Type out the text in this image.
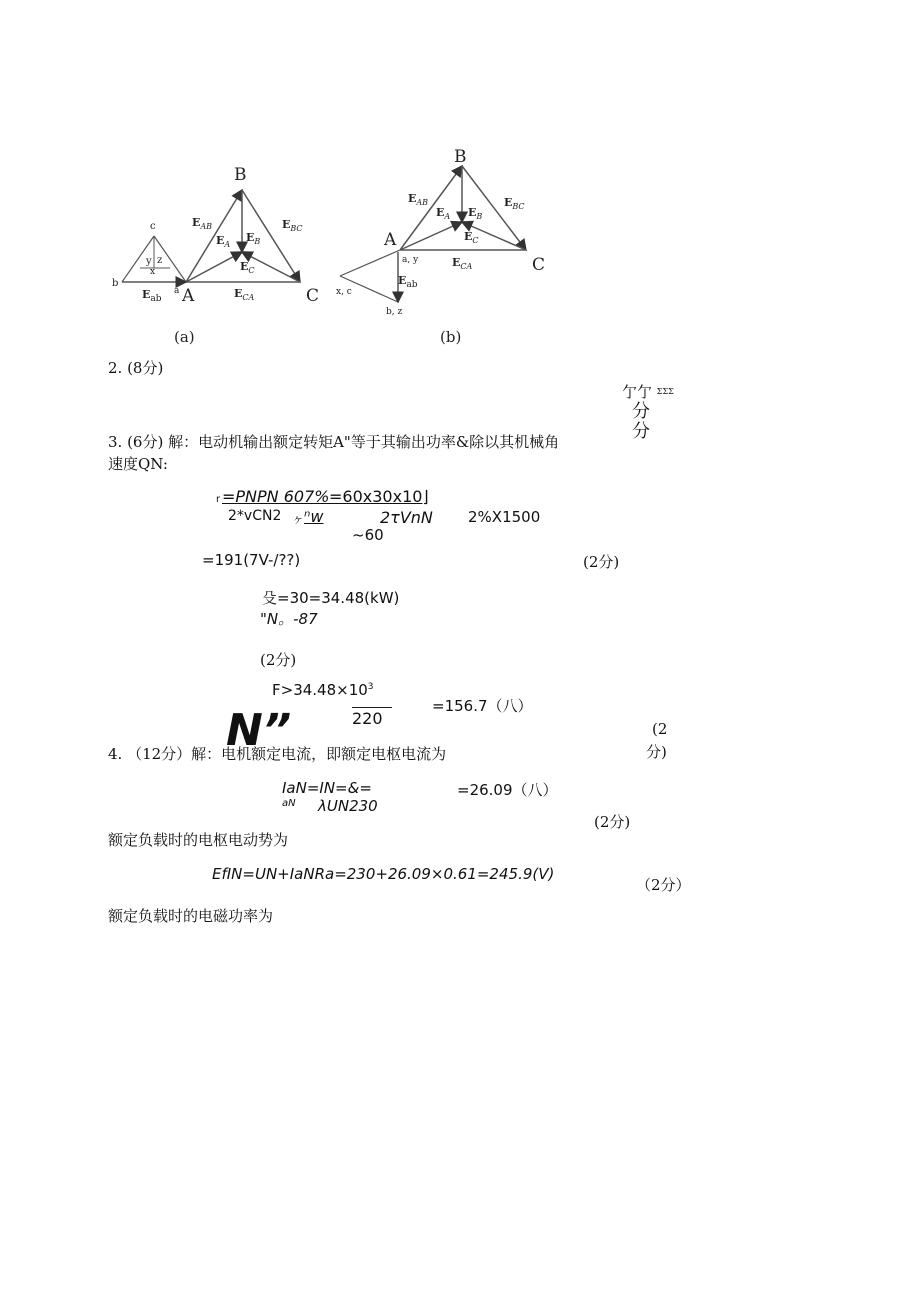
A
B
C
a
b
c
y z
x
$E_{AB}$
$E_A$
$E_B$
$E_{BC}$
$E_C$
$E_{CA}$
$E_{ab}$
(a)
A
B
C
a, y
x, c
b, z
$E_{AB}$
$E_A$ $E_B$
$E_{BC}$
$E_C$
$E_{CA}$
$E_{ab}$
(b)
2. (8分)
亇亇 $^{\Sigma\Sigma\Sigma}$
分
分
3. (6分) 解：电动机输出额定转矩A"等于其输出功率&除以其机械角
速度QN:
r =PNPN 607% =60x30x10⌋
2*vCN2 ヶ ⁿw	2τVnN 2%X1500
~60
=191(7V-/??)	(2分)
殳=30=34.48(kW)
"N。-87
(2分)
$F>34.48\times 10^3$
=156.7（八）
220
(2
分)
N”
4. （12分）解：电机额定电流，即额定电枢电流为
IaN=IN=&=	=26.09（八）
aN λUN230
(2分)
额定负载时的电枢电动势为
EfIN=UN+IaNRa=230+26.09×0.61=245.9(V)
（2分）
额定负载时的电磁功率为
